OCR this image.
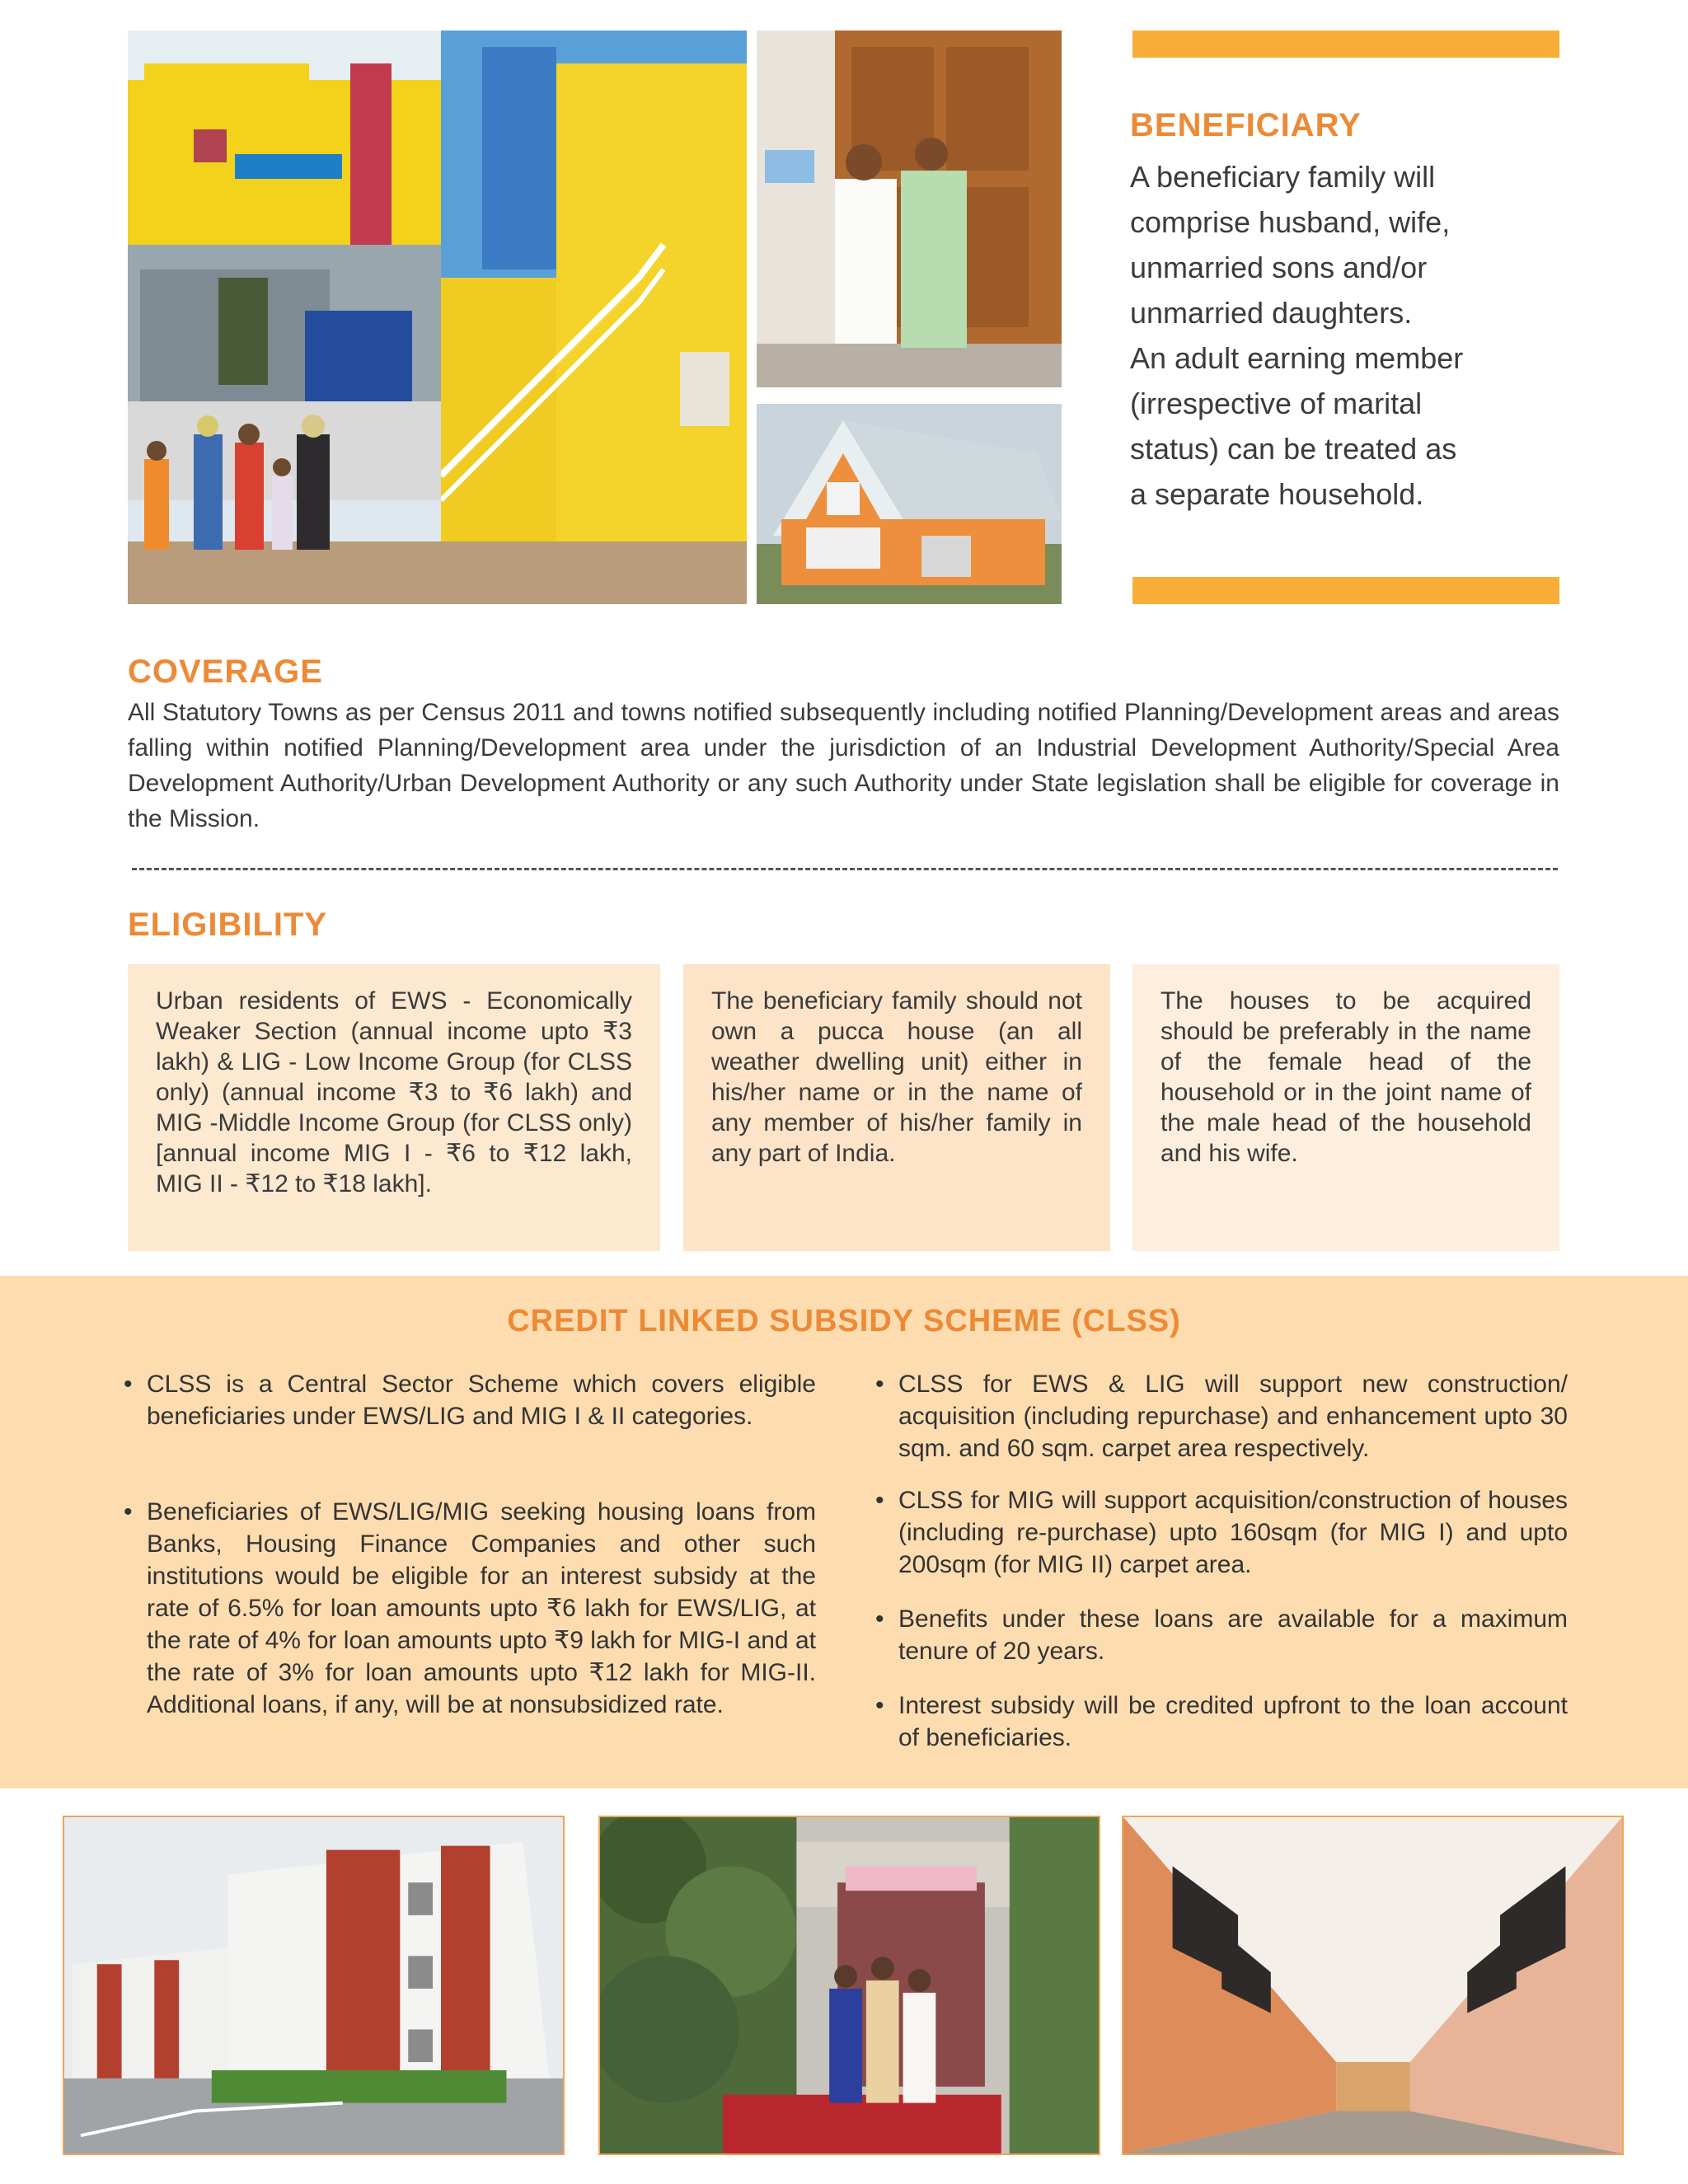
BENEFICIARY
A beneficiary family will
comprise husband, wife,
unmarried sons and/or
unmarried daughters.
An adult earning member
(irrespective of marital
status) can be treated as
a separate household.
COVERAGE
All Statutory Towns as per Census 2011 and towns notified subsequently including notified Planning/Development areas and areas falling within notified Planning/Development area under the jurisdiction of an Industrial Development Authority/Special Area Development Authority/Urban Development Authority or any such Authority under State legislation shall be eligible for coverage in the Mission.
ELIGIBILITY
Urban residents of EWS - Economically Weaker Section (annual income upto ₹3 lakh) & LIG - Low Income Group (for CLSS only) (annual income ₹3 to ₹6 lakh) and MIG -Middle Income Group (for CLSS only) [annual income MIG I - ₹6 to ₹12 lakh, MIG II - ₹12 to ₹18 lakh].
The beneficiary family should not own a pucca house (an all weather dwelling unit) either in his/her name or in the name of any member of his/her family in any part of India.
The houses to be acquired should be preferably in the name of the female head of the household or in the joint name of the male head of the household and his wife.
CREDIT LINKED SUBSIDY SCHEME (CLSS)
• CLSS is a Central Sector Scheme which covers eligible beneficiaries under EWS/LIG and MIG I & II categories.
• Beneficiaries of EWS/LIG/MIG seeking housing loans from Banks, Housing Finance Companies and other such institutions would be eligible for an interest subsidy at the rate of 6.5% for loan amounts upto ₹6 lakh for EWS/LIG, at the rate of 4% for loan amounts upto ₹9 lakh for MIG-I and at the rate of 3% for loan amounts upto ₹12 lakh for MIG-II. Additional loans, if any, will be at nonsubsidized rate.
• CLSS for EWS & LIG will support new construction/ acquisition (including repurchase) and enhancement upto 30 sqm. and 60 sqm. carpet area respectively.
• CLSS for MIG will support acquisition/construction of houses (including re-purchase) upto 160sqm (for MIG I) and upto 200sqm (for MIG II) carpet area.
• Benefits under these loans are available for a maximum tenure of 20 years.
• Interest subsidy will be credited upfront to the loan account of beneficiaries.
